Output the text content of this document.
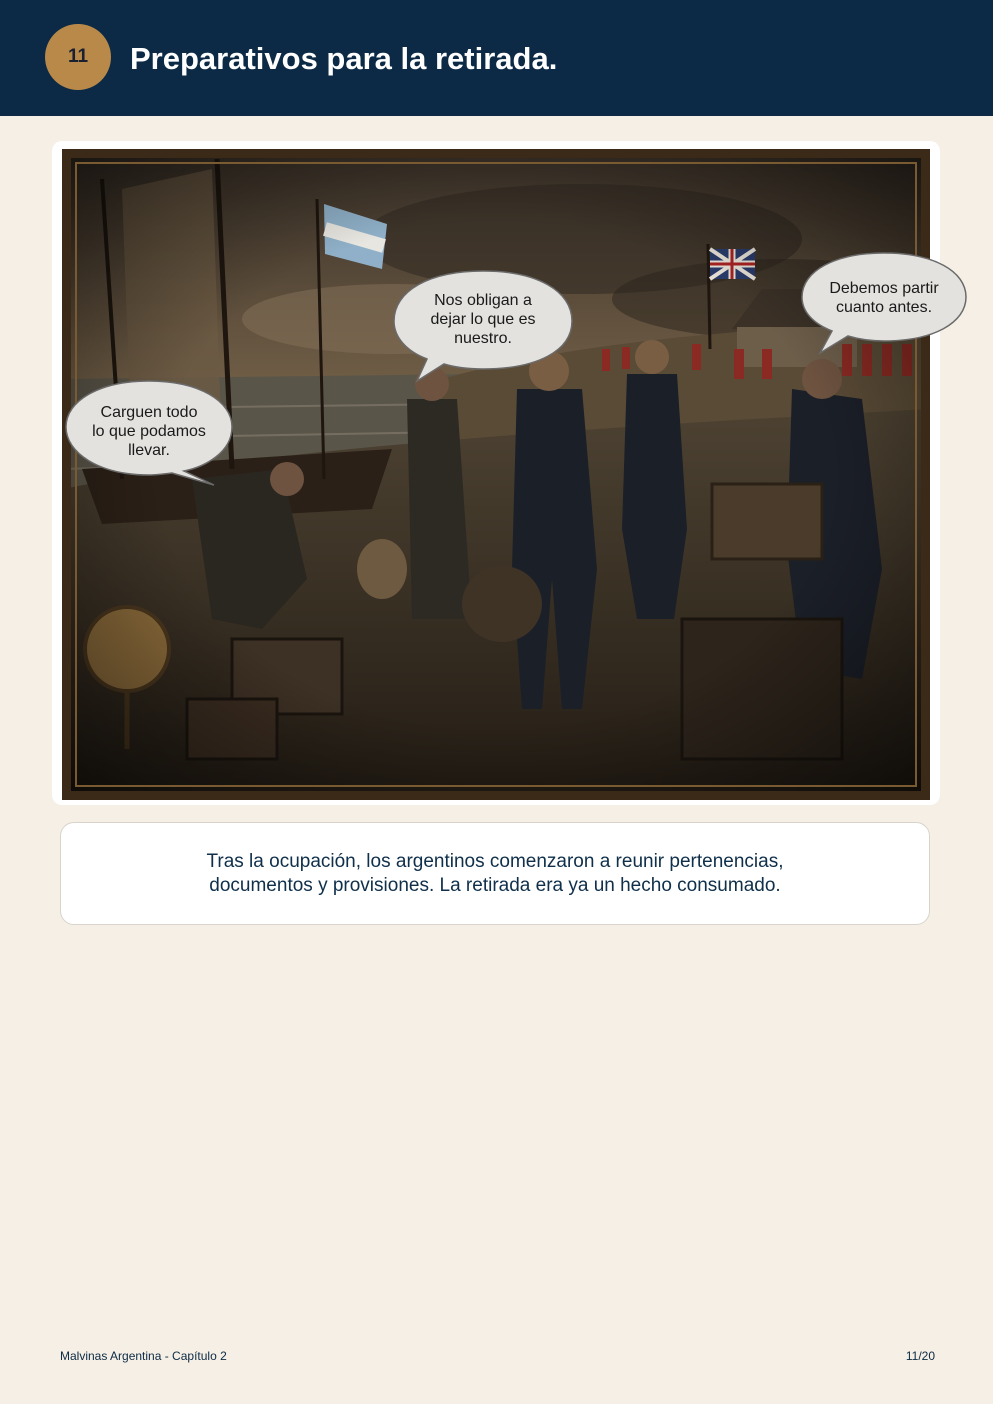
11	Preparativos para la retirada.
Nos obligan a
dejar lo que es
nuestro.
Debemos partir
cuanto antes.
Carguen todo
lo que podamos
llevar.

Tras la ocupación, los argentinos comenzaron a reunir pertenencias,
documentos y provisiones. La retirada era ya un hecho consumado.

Malvinas Argentina - Capítulo 2	11/20
